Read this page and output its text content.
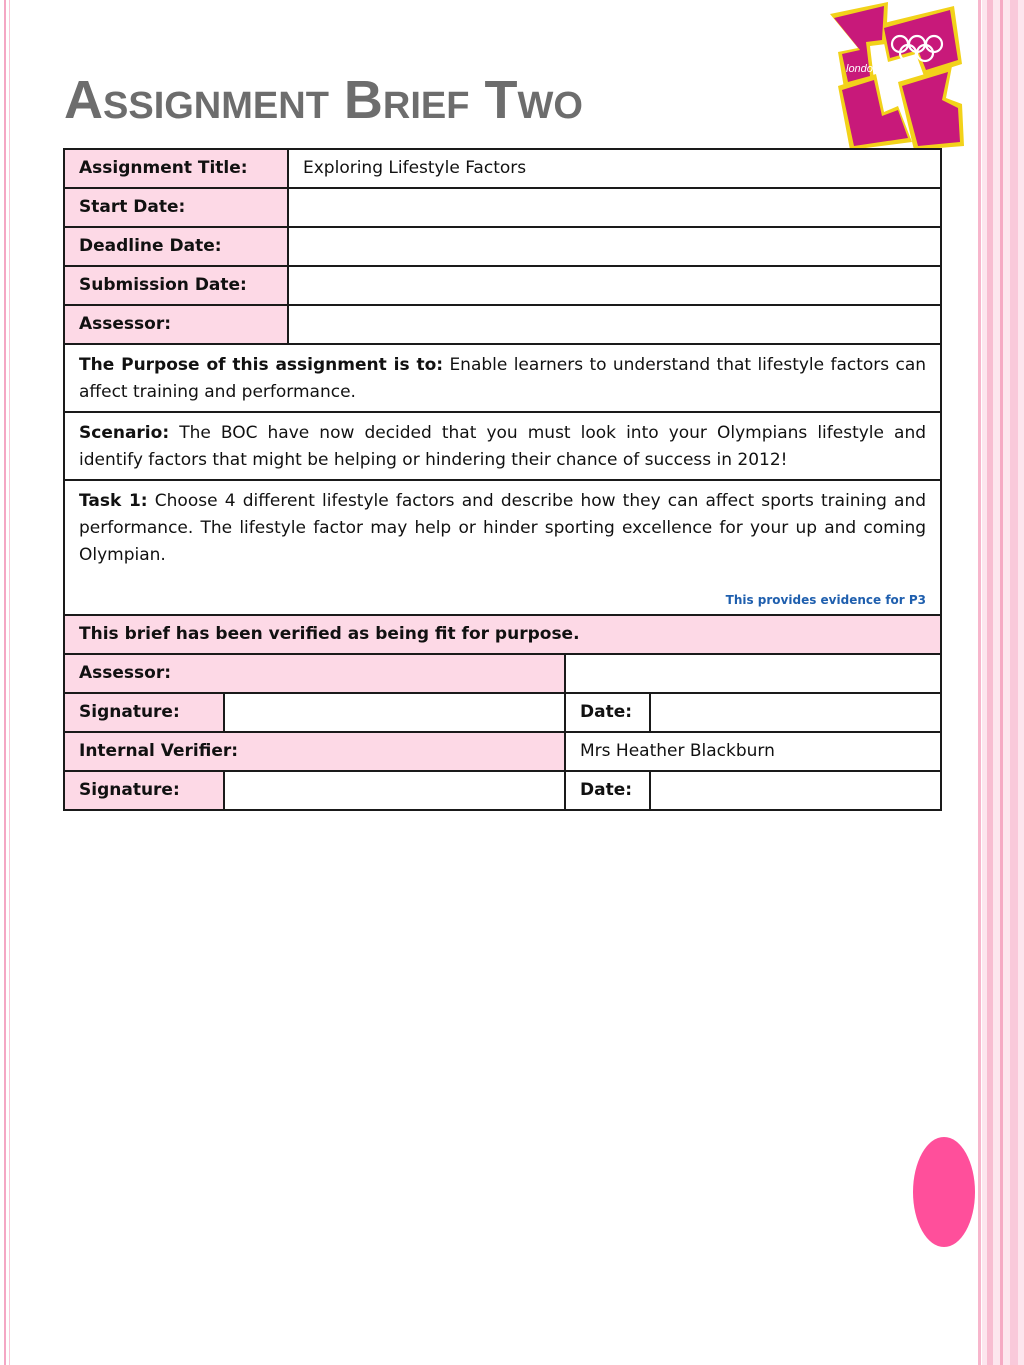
Assignment Brief Two
london
Assignment Title:		Exploring Lifestyle Factors		
Start Date:				
Deadline Date:				
Submission Date:				
Assessor:				
The Purpose of this assignment is to: Enable learners to understand that lifestyle factors can affect training and performance.				
Scenario: The BOC have now decided that you must look into your Olympians lifestyle and identify factors that might be helping or hindering their chance of success in 2012!				
Task 1: Choose 4 different lifestyle factors and describe how they can affect sports training and performance. The lifestyle factor may help or hinder sporting excellence for your up and coming Olympian.
This provides evidence for P3				

This brief has been verified as being fit for purpose.				
Assessor:				
Signature:			Date:	
Internal Verifier:			Mrs Heather Blackburn	
Signature:			Date:	
